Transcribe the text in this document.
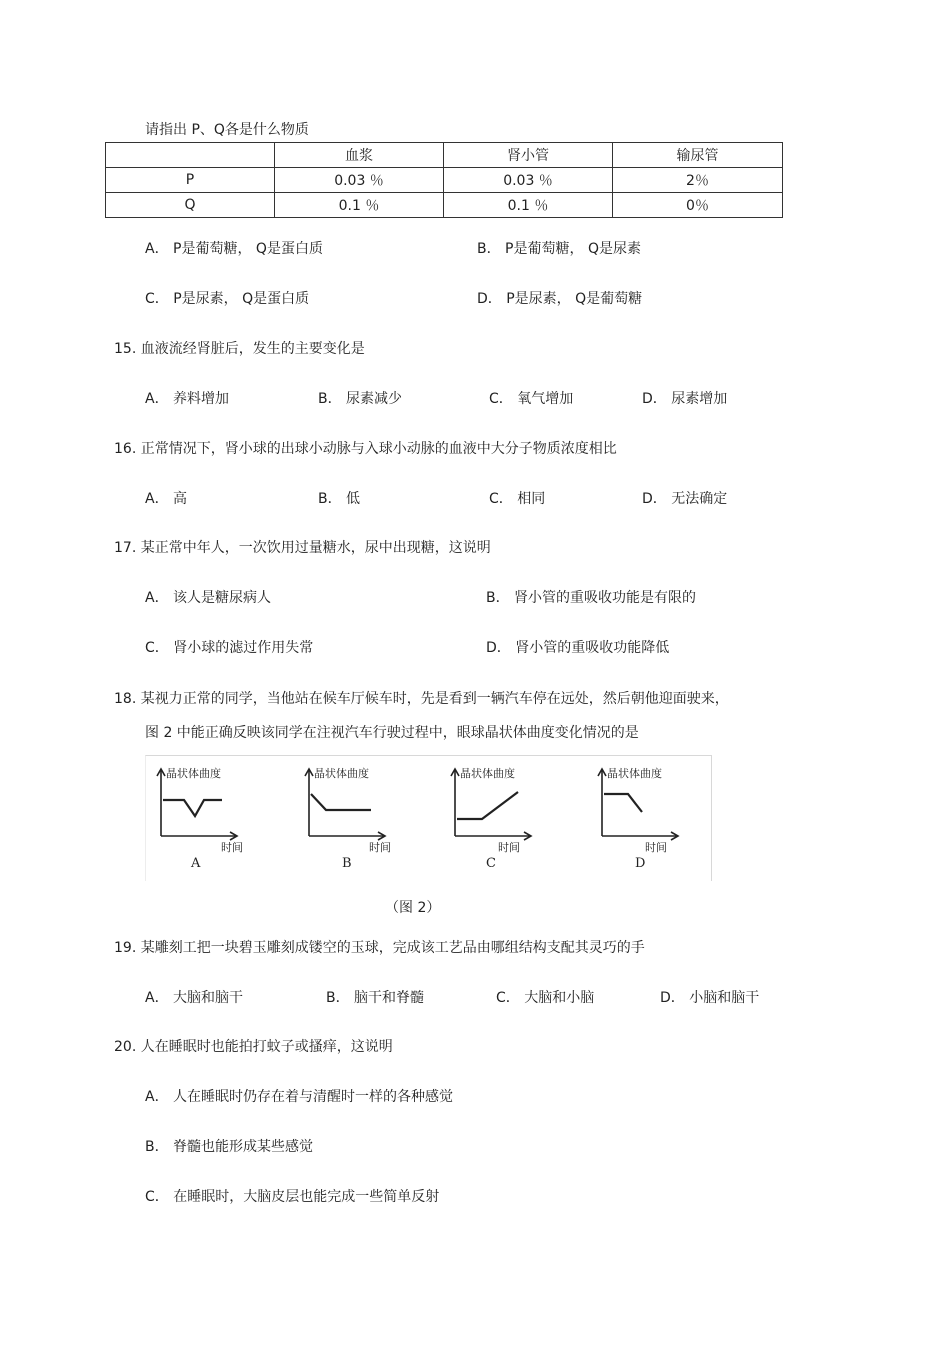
请指出 P、Q各是什么物质
	血浆	肾小管	输尿管
P	0.03 ％	0.03 ％	2％
Q	0.1 ％	0.1 ％	0％
A． P是葡萄糖， Q是蛋白质	B． P是葡萄糖， Q是尿素
C． P是尿素， Q是蛋白质	D． P是尿素， Q是葡萄糖
15. 血液流经肾脏后，发生的主要变化是
A． 养料增加	B． 尿素减少	C． 氧气增加	D． 尿素增加
16. 正常情况下，肾小球的出球小动脉与入球小动脉的血液中大分子物质浓度相比
A． 高	B． 低	C． 相同	D． 无法确定
17. 某正常中年人，一次饮用过量糖水，尿中出现糖，这说明
A． 该人是糖尿病人	B． 肾小管的重吸收功能是有限的
C． 肾小球的滤过作用失常	D． 肾小管的重吸收功能降低
18. 某视力正常的同学，当他站在候车厅候车时，先是看到一辆汽车停在远处，然后朝他迎面驶来，
图 2 中能正确反映该同学在注视汽车行驶过程中，眼球晶状体曲度变化情况的是
晶状体曲度
时间
晶状体曲度
时间
晶状体曲度
时间
晶状体曲度
时间
A	B	C	D
（图 2）
19. 某雕刻工把一块碧玉雕刻成镂空的玉球，完成该工艺品由哪组结构支配其灵巧的手
A． 大脑和脑干	B． 脑干和脊髓	C． 大脑和小脑	D． 小脑和脑干
20. 人在睡眠时也能拍打蚊子或搔痒，这说明
A． 人在睡眠时仍存在着与清醒时一样的各种感觉
B． 脊髓也能形成某些感觉
C． 在睡眠时，大脑皮层也能完成一些简单反射
